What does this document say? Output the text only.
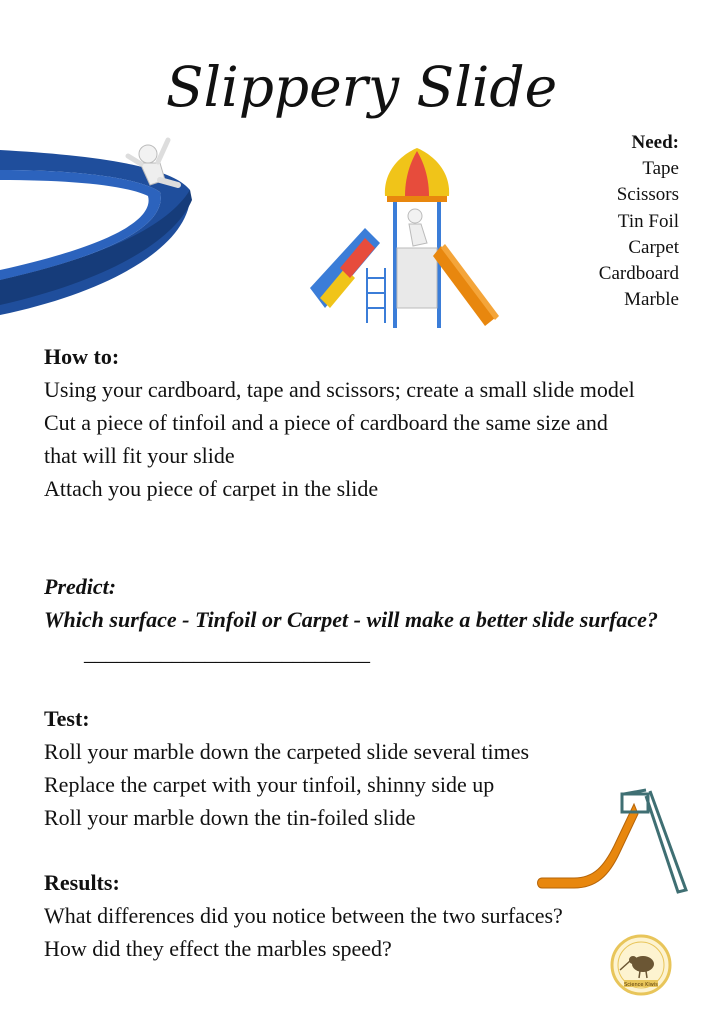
Slippery Slide
Need:
Tape
Scissors
Tin Foil
Carpet
Cardboard
Marble
How to:
Using your cardboard, tape and scissors; create a small slide model
Cut a piece of tinfoil and a piece of cardboard the same size and that will fit your slide
Attach you piece of carpet in the slide
Predict:
Which surface - Tinfoil or Carpet - will make a better slide surface?__________________________
Test:
Roll your marble down the carpeted slide several times
Replace the carpet with your tinfoil, shinny side up
Roll your marble down the tin-foiled slide
Results:
What differences did you notice between the two surfaces?
How did they effect the marbles speed?
Science Kiwis
